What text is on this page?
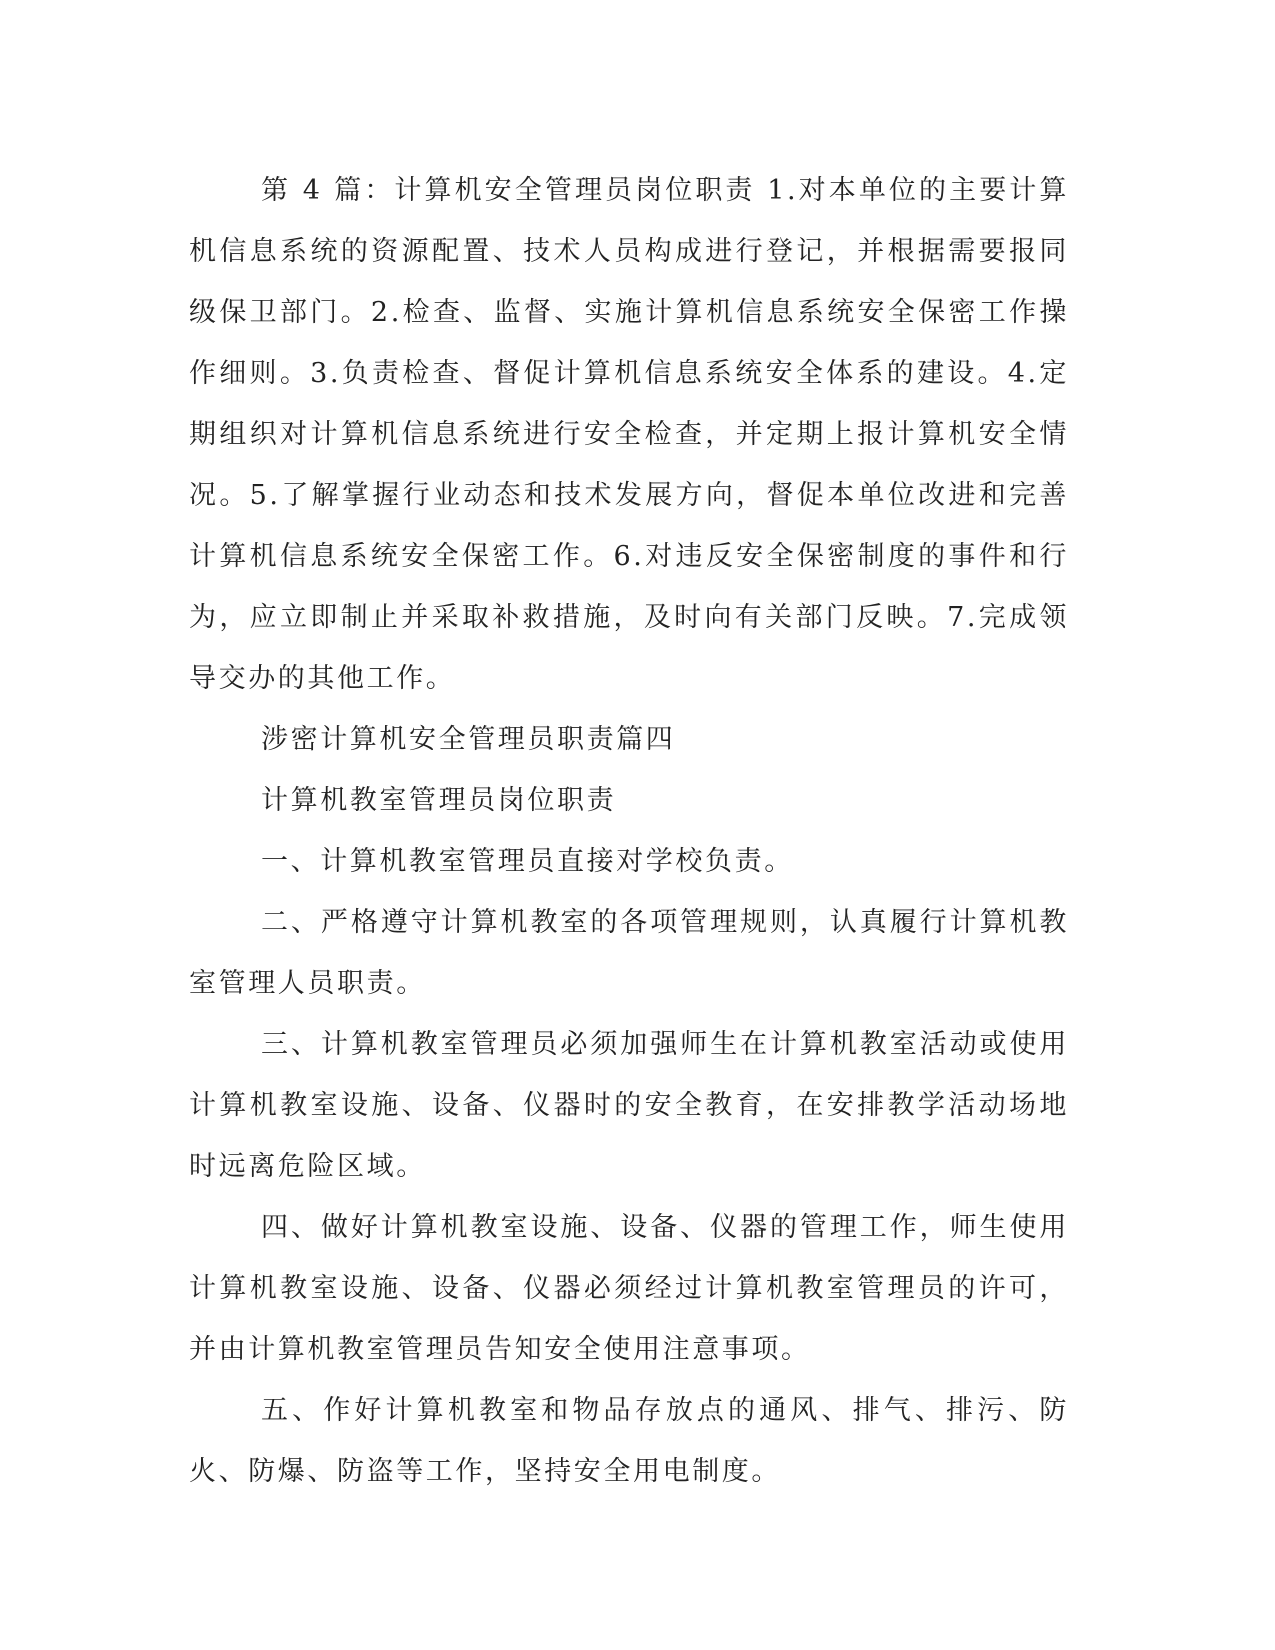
第 4 篇：计算机安全管理员岗位职责 1.对本单位的主要计算机信息系统的资源配置、技术人员构成进行登记，并根据需要报同级保卫部门。2.检查、监督、实施计算机信息系统安全保密工作操作细则。3.负责检查、督促计算机信息系统安全体系的建设。4.定期组织对计算机信息系统进行安全检查，并定期上报计算机安全情况。5.了解掌握行业动态和技术发展方向，督促本单位改进和完善计算机信息系统安全保密工作。6.对违反安全保密制度的事件和行为，应立即制止并采取补救措施，及时向有关部门反映。7.完成领导交办的其他工作。

涉密计算机安全管理员职责篇四

计算机教室管理员岗位职责

一、计算机教室管理员直接对学校负责。

二、严格遵守计算机教室的各项管理规则，认真履行计算机教室管理人员职责。

三、计算机教室管理员必须加强师生在计算机教室活动或使用计算机教室设施、设备、仪器时的安全教育，在安排教学活动场地时远离危险区域。

四、做好计算机教室设施、设备、仪器的管理工作，师生使用计算机教室设施、设备、仪器必须经过计算机教室管理员的许可，并由计算机教室管理员告知安全使用注意事项。

五、作好计算机教室和物品存放点的通风、排气、排污、防火、防爆、防盗等工作，坚持安全用电制度。
